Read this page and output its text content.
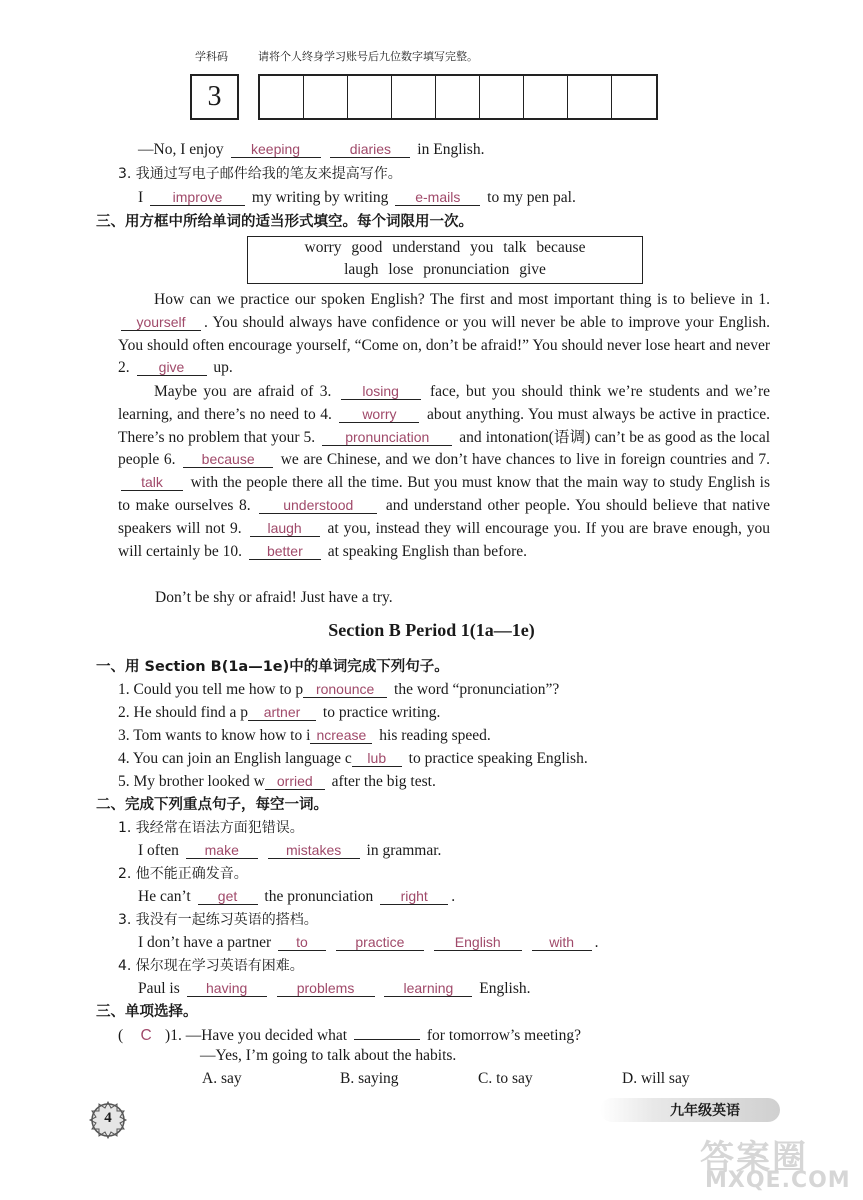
学科码	请将个人终身学习账号后九位数字填写完整。
3
—No, I enjoy keeping	diaries in English.
3. 我通过写电子邮件给我的笔友来提高写作。
I improve my writing by writing e-mails to my pen pal.
三、用方框中所给单词的适当形式填空。每个词限用一次。
worry good understand you talk because
laugh lose pronunciation give
How can we practice our spoken English? The first and most important thing is to believe in 1. yourself . You should always have confidence or you will never be able to improve your English. You should often encourage yourself, “Come on, don’t be afraid!” You should never lose heart and never 2. give up.
Maybe you are afraid of 3. losing face, but you should think we’re students and we’re learning, and there’s no need to 4. worry about anything. You must always be active in practice. There’s no problem that your 5. pronunciation and intonation(语调) can’t be as good as the local people 6. because we are Chinese, and we don’t have chances to live in foreign countries and 7. talk with the people there all the time. But you must know that the main way to study English is to make ourselves 8. understood and understand other people. You should believe that native speakers will not 9. laugh at you, instead they will encourage you. If you are brave enough, you will certainly be 10. better at speaking English than before.
Don’t be shy or afraid! Just have a try.
Section B Period 1(1a—1e)
一、用 Section B(1a—1e)中的单词完成下列句子。
1. Could you tell me how to p ronounce the word “pronunciation”?
2. He should find a p artner to practice writing.
3. Tom wants to know how to i ncrease his reading speed.
4. You can join an English language c lub to practice speaking English.
5. My brother looked w orried after the big test.
二、完成下列重点句子，每空一词。
1. 我经常在语法方面犯错误。
I often make	mistakes in grammar.
2. 他不能正确发音。
He can’t get the pronunciation right .
3. 我没有一起练习英语的搭档。
I don’t have a partner to	practice	English	with .
4. 保尔现在学习英语有困难。
Paul is having	problems	learning English.
三、单项选择。
( C )1. —Have you decided what	for tomorrow’s meeting?
—Yes, I’m going to talk about the habits.
A. say	B. saying	C. to say	D. will say
4	九年级英语
答案圈
MXQE.COM
